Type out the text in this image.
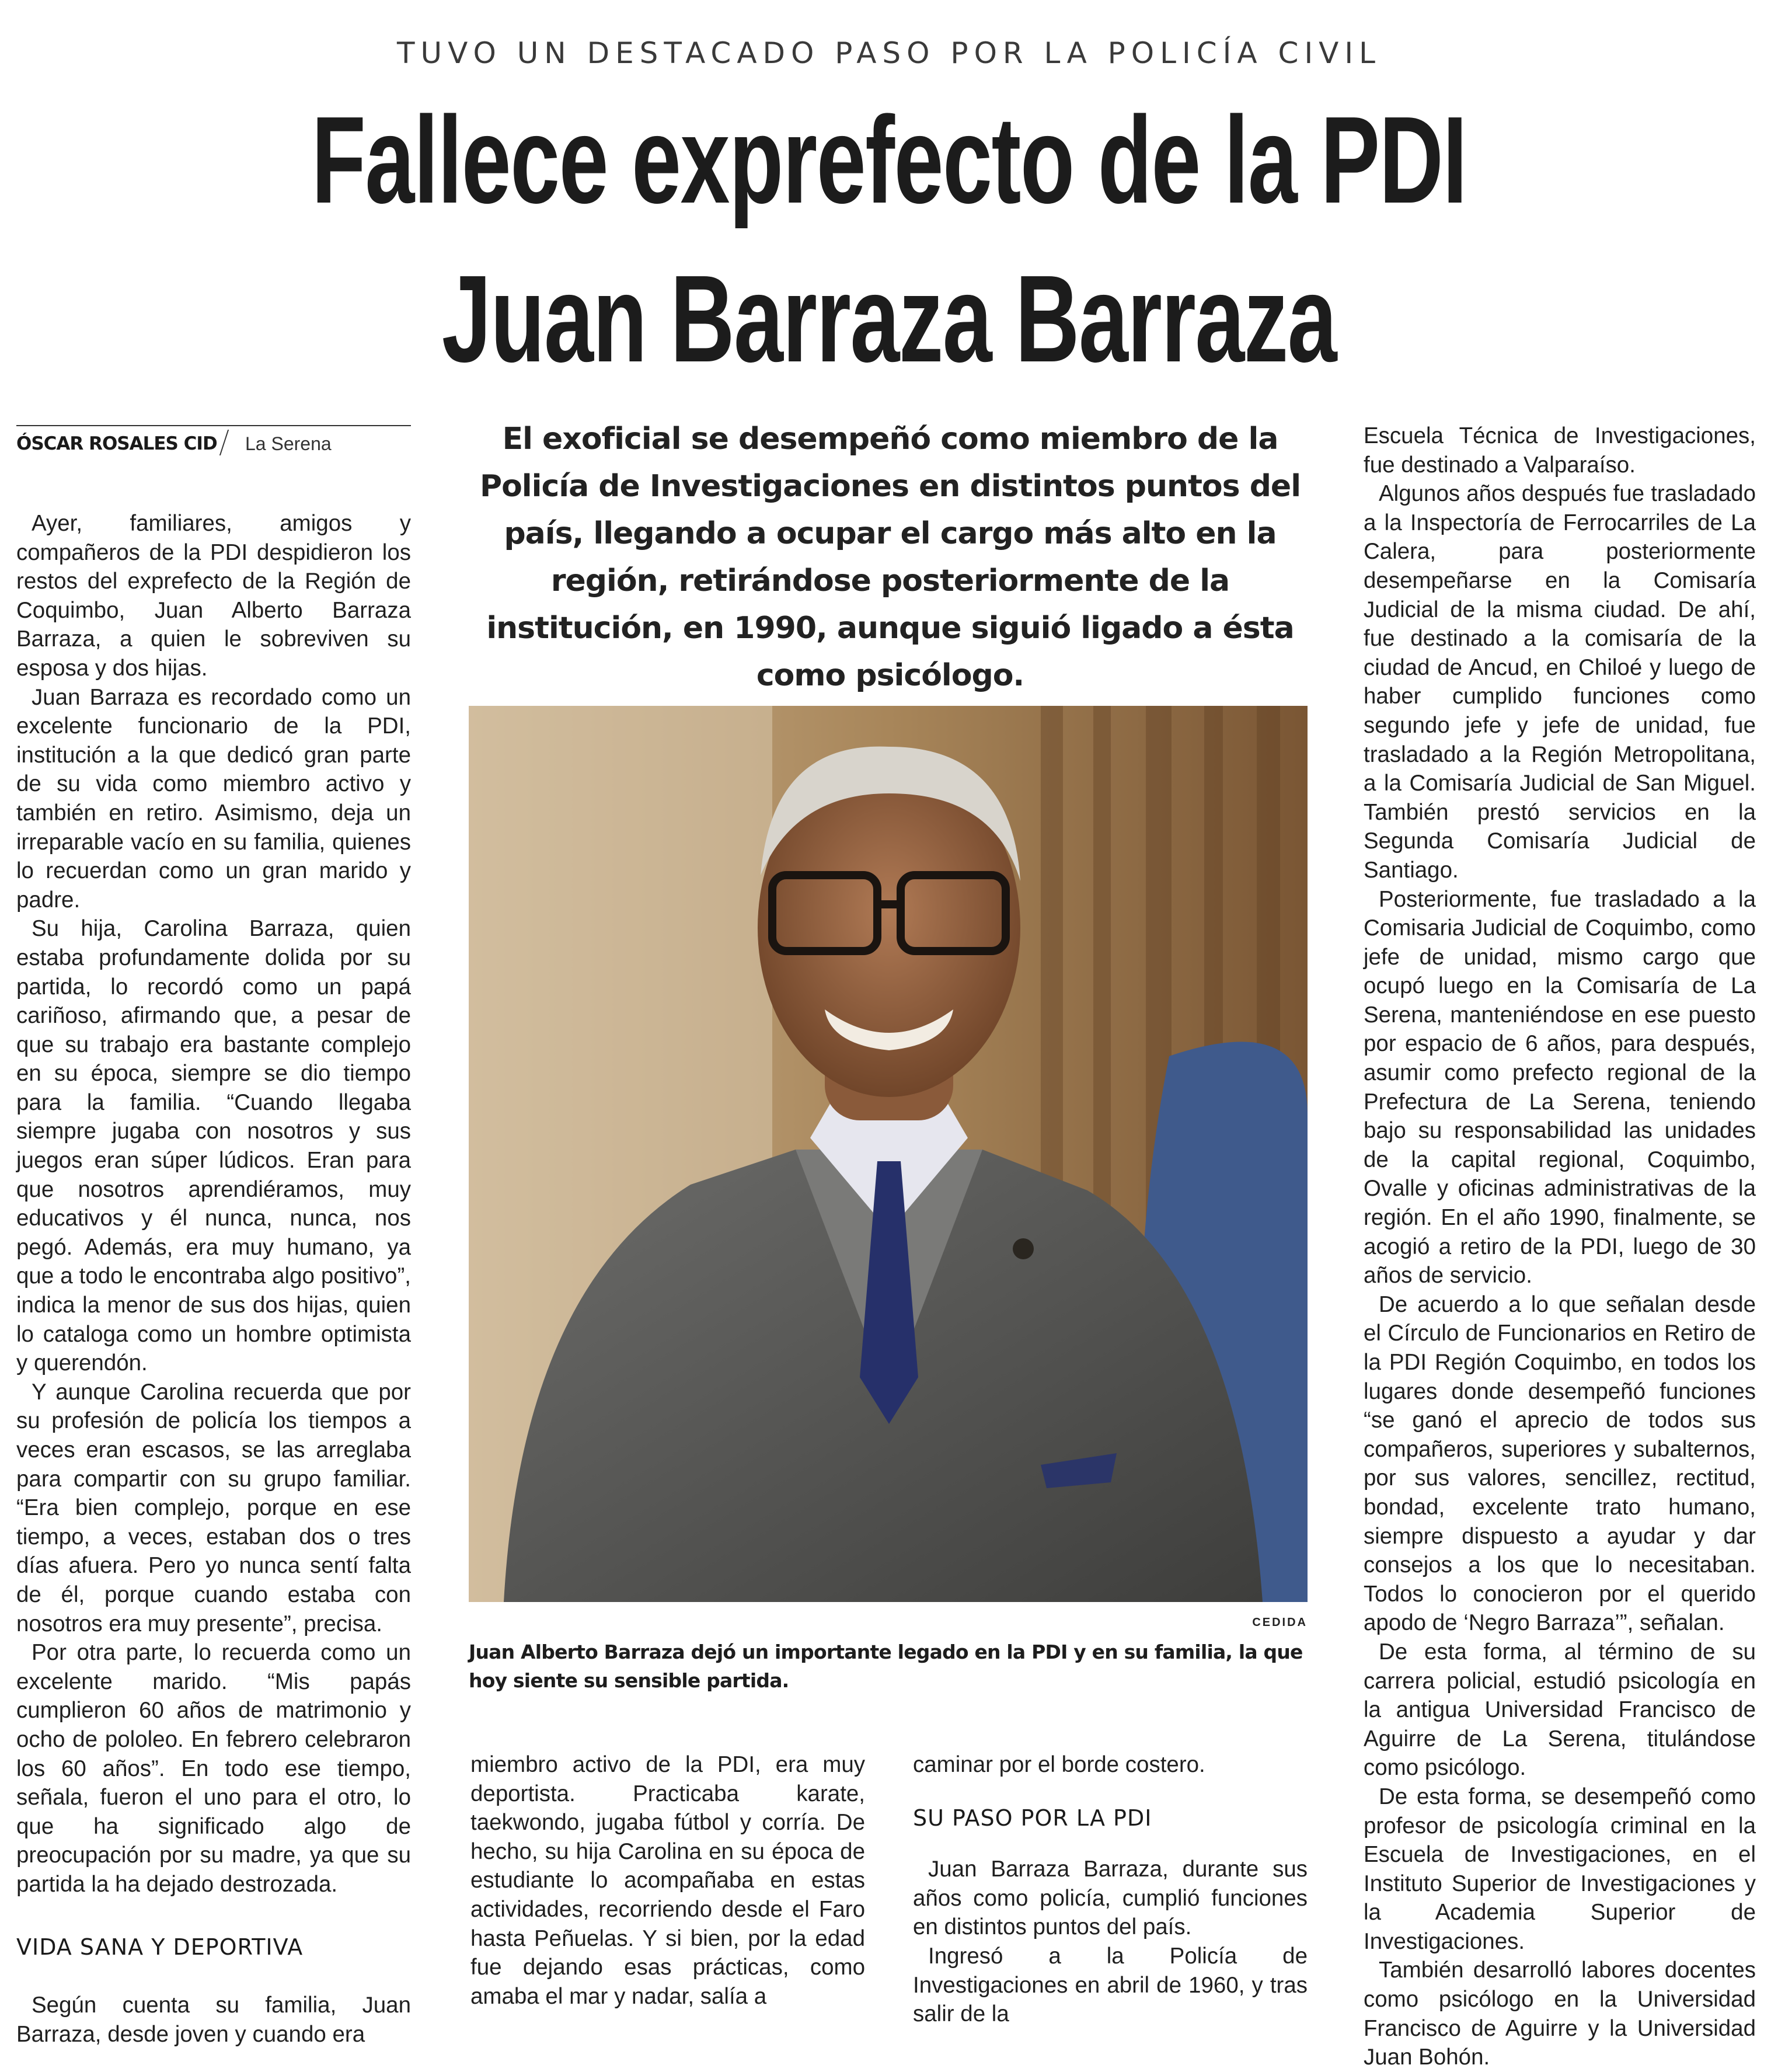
TUVO UN DESTACADO PASO POR LA POLICÍA CIVIL
Fallece exprefecto de la PDI
Juan Barraza Barraza
ÓSCAR ROSALES CID La Serena	El exoficial se desempeñó como miembro de la Policía de Investigaciones en distintos puntos del país, llegando a ocupar el cargo más alto en la región, retirándose posteriormente de la institución, en 1990, aunque siguió ligado a ésta como psicólogo.

Ayer, familiares, amigos y compañeros de la PDI despidieron los restos del exprefecto de la Región de Coquimbo, Juan Alberto Barraza Barraza, a quien le sobreviven su esposa y dos hijas.

Juan Barraza es recordado como un excelente funcionario de la PDI, institución a la que dedicó gran parte de su vida como miembro activo y también en retiro. Asimismo, deja un irreparable vacío en su familia, quienes lo recuerdan como un gran marido y padre.

Su hija, Carolina Barraza, quien estaba profundamente dolida por su partida, lo recordó como un papá cariñoso, afirmando que, a pesar de que su trabajo era bastante complejo en su época, siempre se dio tiempo para la familia. “Cuando llegaba siempre jugaba con nosotros y sus juegos eran súper lúdicos. Eran para que nosotros aprendiéramos, muy educativos y él nunca, nunca, nos pegó. Además, era muy humano, ya que a todo le encontraba algo positivo”, indica la menor de sus dos hijas, quien lo cataloga como un hombre optimista y querendón.

Y aunque Carolina recuerda que por su profesión de policía los tiempos a veces eran escasos, se las arreglaba para compartir con su grupo familiar. “Era bien complejo, porque en ese tiempo, a veces, estaban dos o tres días afuera. Pero yo nunca sentí falta de él, porque cuando estaba con nosotros era muy presente”, precisa.

Por otra parte, lo recuerda como un excelente marido. “Mis papás cumplieron 60 años de matrimonio y ocho de pololeo. En febrero celebraron los 60 años”. En todo ese tiempo, señala, fueron el uno para el otro, lo que ha significado algo de preocupación por su madre, ya que su partida la ha dejado destrozada.

VIDA SANA Y DEPORTIVA

Según cuenta su familia, Juan Barraza, desde joven y cuando era

CEDIDA
Juan Alberto Barraza dejó un importante legado en la PDI y en su familia, la que hoy siente su sensible partida.

miembro activo de la PDI, era muy deportista. Practicaba karate, taekwondo, jugaba fútbol y corría. De hecho, su hija Carolina en su época de estudiante lo acompañaba en estas actividades, recorriendo desde el Faro hasta Peñuelas. Y si bien, por la edad fue dejando esas prácticas, como amaba el mar y nadar, salía a

caminar por el borde costero.

SU PASO POR LA PDI

Juan Barraza Barraza, durante sus años como policía, cumplió funciones en distintos puntos del país.

Ingresó a la Policía de Investigaciones en abril de 1960, y tras salir de la

Escuela Técnica de Investigaciones, fue destinado a Valparaíso.

Algunos años después fue trasladado a la Inspectoría de Ferrocarriles de La Calera, para posteriormente desempeñarse en la Comisaría Judicial de la misma ciudad. De ahí, fue destinado a la comisaría de la ciudad de Ancud, en Chiloé y luego de haber cumplido funciones como segundo jefe y jefe de unidad, fue trasladado a la Región Metropolitana, a la Comisaría Judicial de San Miguel. También prestó servicios en la Segunda Comisaría Judicial de Santiago.

Posteriormente, fue trasladado a la Comisaria Judicial de Coquimbo, como jefe de unidad, mismo cargo que ocupó luego en la Comisaría de La Serena, manteniéndose en ese puesto por espacio de 6 años, para después, asumir como prefecto regional de la Prefectura de La Serena, teniendo bajo su responsabilidad las unidades de la capital regional, Coquimbo, Ovalle y oficinas administrativas de la región. En el año 1990, finalmente, se acogió a retiro de la PDI, luego de 30 años de servicio.

De acuerdo a lo que señalan desde el Círculo de Funcionarios en Retiro de la PDI Región Coquimbo, en todos los lugares donde desempeñó funciones “se ganó el aprecio de todos sus compañeros, superiores y subalternos, por sus valores, sencillez, rectitud, bondad, excelente trato humano, siempre dispuesto a ayudar y dar consejos a los que lo necesitaban. Todos lo conocieron por el querido apodo de ‘Negro Barraza’”, señalan.

De esta forma, al término de su carrera policial, estudió psicología en la antigua Universidad Francisco de Aguirre de La Serena, titulándose como psicólogo.

De esta forma, se desempeñó como profesor de psicología criminal en la Escuela de Investigaciones, en el Instituto Superior de Investigaciones y la Academia Superior de Investigaciones.

También desarrolló labores docentes como psicólogo en la Universidad Francisco de Aguirre y la Universidad Juan Bohón.
